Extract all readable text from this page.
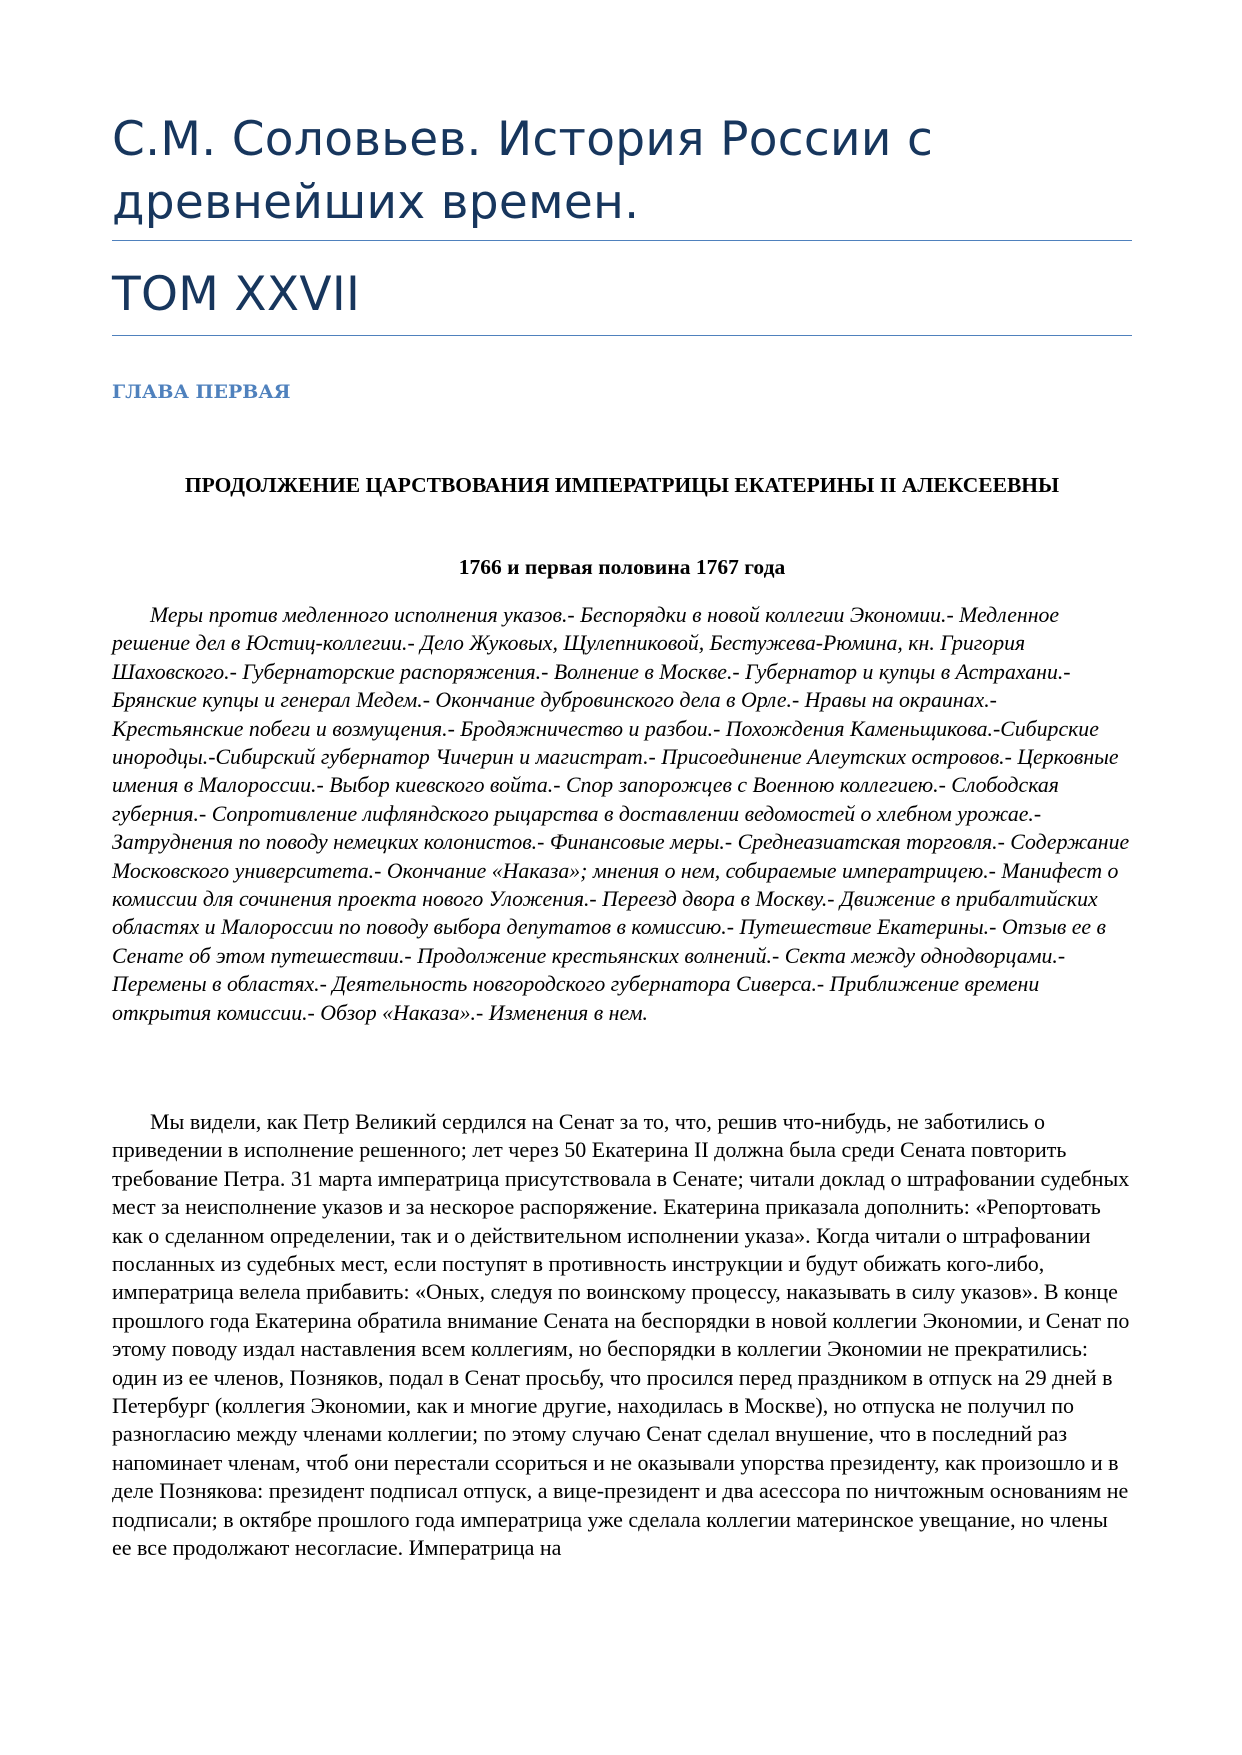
С.М. Соловьев. История России с древнейших времен.
ТОМ XXVII
ГЛАВА ПЕРВАЯ
ПРОДОЛЖЕНИЕ ЦАРСТВОВАНИЯ ИМПЕРАТРИЦЫ ЕКАТЕРИНЫ II АЛЕКСЕЕВНЫ
1766 и первая половина 1767 года

Меры против медленного исполнения указов.- Беспорядки в новой коллегии Экономии.- Медленное решение дел в Юстиц-коллегии.- Дело Жуковых, Щулепниковой, Бестужева-Рюмина, кн. Григория Шаховского.- Губернаторские распоряжения.- Волнение в Москве.- Губернатор и купцы в Астрахани.- Брянские купцы и генерал Медем.- Окончание дубровинского дела в Орле.- Нравы на окраинах.- Крестьянские побеги и возмущения.- Бродяжничество и разбои.- Похождения Каменьщикова.-Сибирские инородцы.-Сибирский губернатор Чичерин и магистрат.- Присоединение Алеутских островов.- Церковные имения в Малороссии.- Выбор киевского войта.- Спор запорожцев с Военною коллегиею.- Слободская губерния.- Сопротивление лифляндского рыцарства в доставлении ведомостей о хлебном урожае.- Затруднения по поводу немецких колонистов.- Финансовые меры.- Среднеазиатская торговля.- Содержание Московского университета.- Окончание «Наказа»; мнения о нем, собираемые императрицею.- Манифест о комиссии для сочинения проекта нового Уложения.- Переезд двора в Москву.- Движение в прибалтийских областях и Малороссии по поводу выбора депутатов в комиссию.- Путешествие Екатерины.- Отзыв ее в Сенате об этом путешествии.- Продолжение крестьянских волнений.- Секта между однодворцами.- Перемены в областях.- Деятельность новгородского губернатора Сиверса.- Приближение времени открытия комиссии.- Обзор «Наказа».- Изменения в нем.

Мы видели, как Петр Великий сердился на Сенат за то, что, решив что-нибудь, не заботились о приведении в исполнение решенного; лет через 50 Екатерина II должна была среди Сената повторить требование Петра. 31 марта императрица присутствовала в Сенате; читали доклад о штрафовании судебных мест за неисполнение указов и за нескорое распоряжение. Екатерина приказала дополнить: «Репортовать как о сделанном определении, так и о действительном исполнении указа». Когда читали о штрафовании посланных из судебных мест, если поступят в противность инструкции и будут обижать кого-либо, императрица велела прибавить: «Оных, следуя по воинскому процессу, наказывать в силу указов». В конце прошлого года Екатерина обратила внимание Сената на беспорядки в новой коллегии Экономии, и Сенат по этому поводу издал наставления всем коллегиям, но беспорядки в коллегии Экономии не прекратились: один из ее членов, Позняков, подал в Сенат просьбу, что просился перед праздником в отпуск на 29 дней в Петербург (коллегия Экономии, как и многие другие, находилась в Москве), но отпуска не получил по разногласию между членами коллегии; по этому случаю Сенат сделал внушение, что в последний раз напоминает членам, чтоб они перестали ссориться и не оказывали упорства президенту, как произошло и в деле Познякова: президент подписал отпуск, а вице-президент и два асессора по ничтожным основаниям не подписали; в октябре прошлого года императрица уже сделала коллегии материнское увещание, но члены ее все продолжают несогласие. Императрица на
